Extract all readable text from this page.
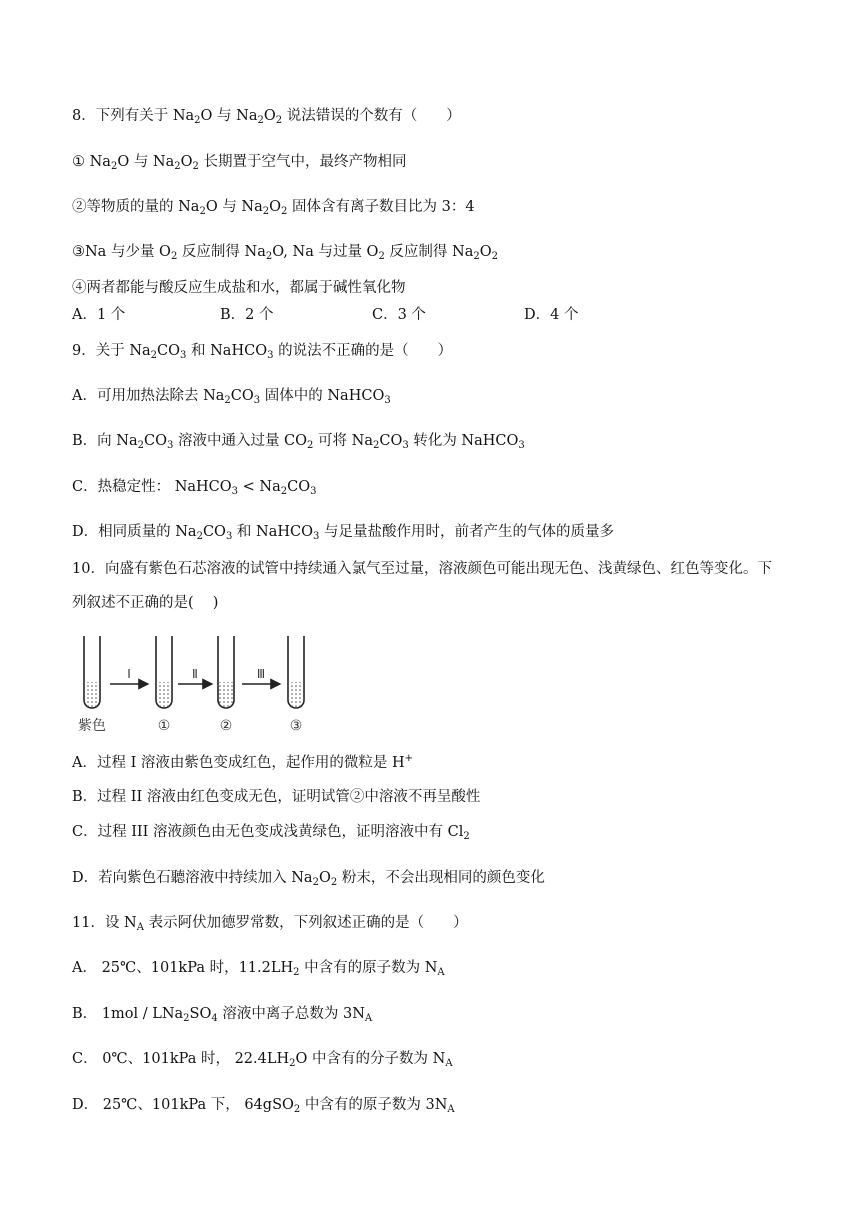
8．下列有关于 $Na_2O$ 与 $Na_2O_2$ 说法错误的个数有（　　）
① $Na_2O$ 与 $Na_2O_2$ 长期置于空气中，最终产物相同
②等物质的量的 $Na_2O$ 与 $Na_2O_2$ 固体含有离子数目比为 3：4
③Na 与少量 $O_2$ 反应制得 $Na_2O$, Na 与过量 $O_2$ 反应制得 $Na_2O_2$
④两者都能与酸反应生成盐和水，都属于碱性氧化物
A．1 个	B．2 个	C．3 个	D．4 个
9．关于 $Na_2CO_3$ 和 NaHCO$_3$ 的说法不正确的是（　　）
A．可用加热法除去 $Na_2CO_3$ 固体中的 NaHCO$_3$
B．向 $Na_2CO_3$ 溶液中通入过量 $CO_2$ 可将 $Na_2CO_3$ 转化为 NaHCO$_3$
C．热稳定性： NaHCO$_3$ < $Na_2CO_3$
D．相同质量的 $Na_2CO_3$ 和 NaHCO$_3$ 与足量盐酸作用时，前者产生的气体的质量多
10．向盛有紫色石芯溶液的试管中持续通入氯气至过量，溶液颜色可能出现无色、浅黄绿色、红色等变化。下
列叙述不正确的是(　 )
Ⅰ	Ⅱ	Ⅲ
紫色	①	②	③
A．过程 I 溶液由紫色变成红色，起作用的微粒是 H+
B．过程 II 溶液由红色变成无色，证明试管②中溶液不再呈酸性
C．过程 III 溶液颜色由无色变成浅黄绿色，证明溶液中有 $Cl_2$
D．若向紫色石聽溶液中持续加入 $Na_2O_2$ 粉末，不会出现相同的颜色变化
11．设 $N_A$ 表示阿伏加德罗常数，下列叙述正确的是（　　）
A． 25℃、101kPa 时，$11.2LH_2$ 中含有的原子数为 $N_A$
B． $1mol / LNa_2SO_4$ 溶液中离子总数为 $3N_A$
C． 0℃、101kPa 时， $22.4LH_2O$ 中含有的分子数为 $N_A$
D． 25℃、101kPa 下， 64gSO$_2$ 中含有的原子数为 $3N_A$
